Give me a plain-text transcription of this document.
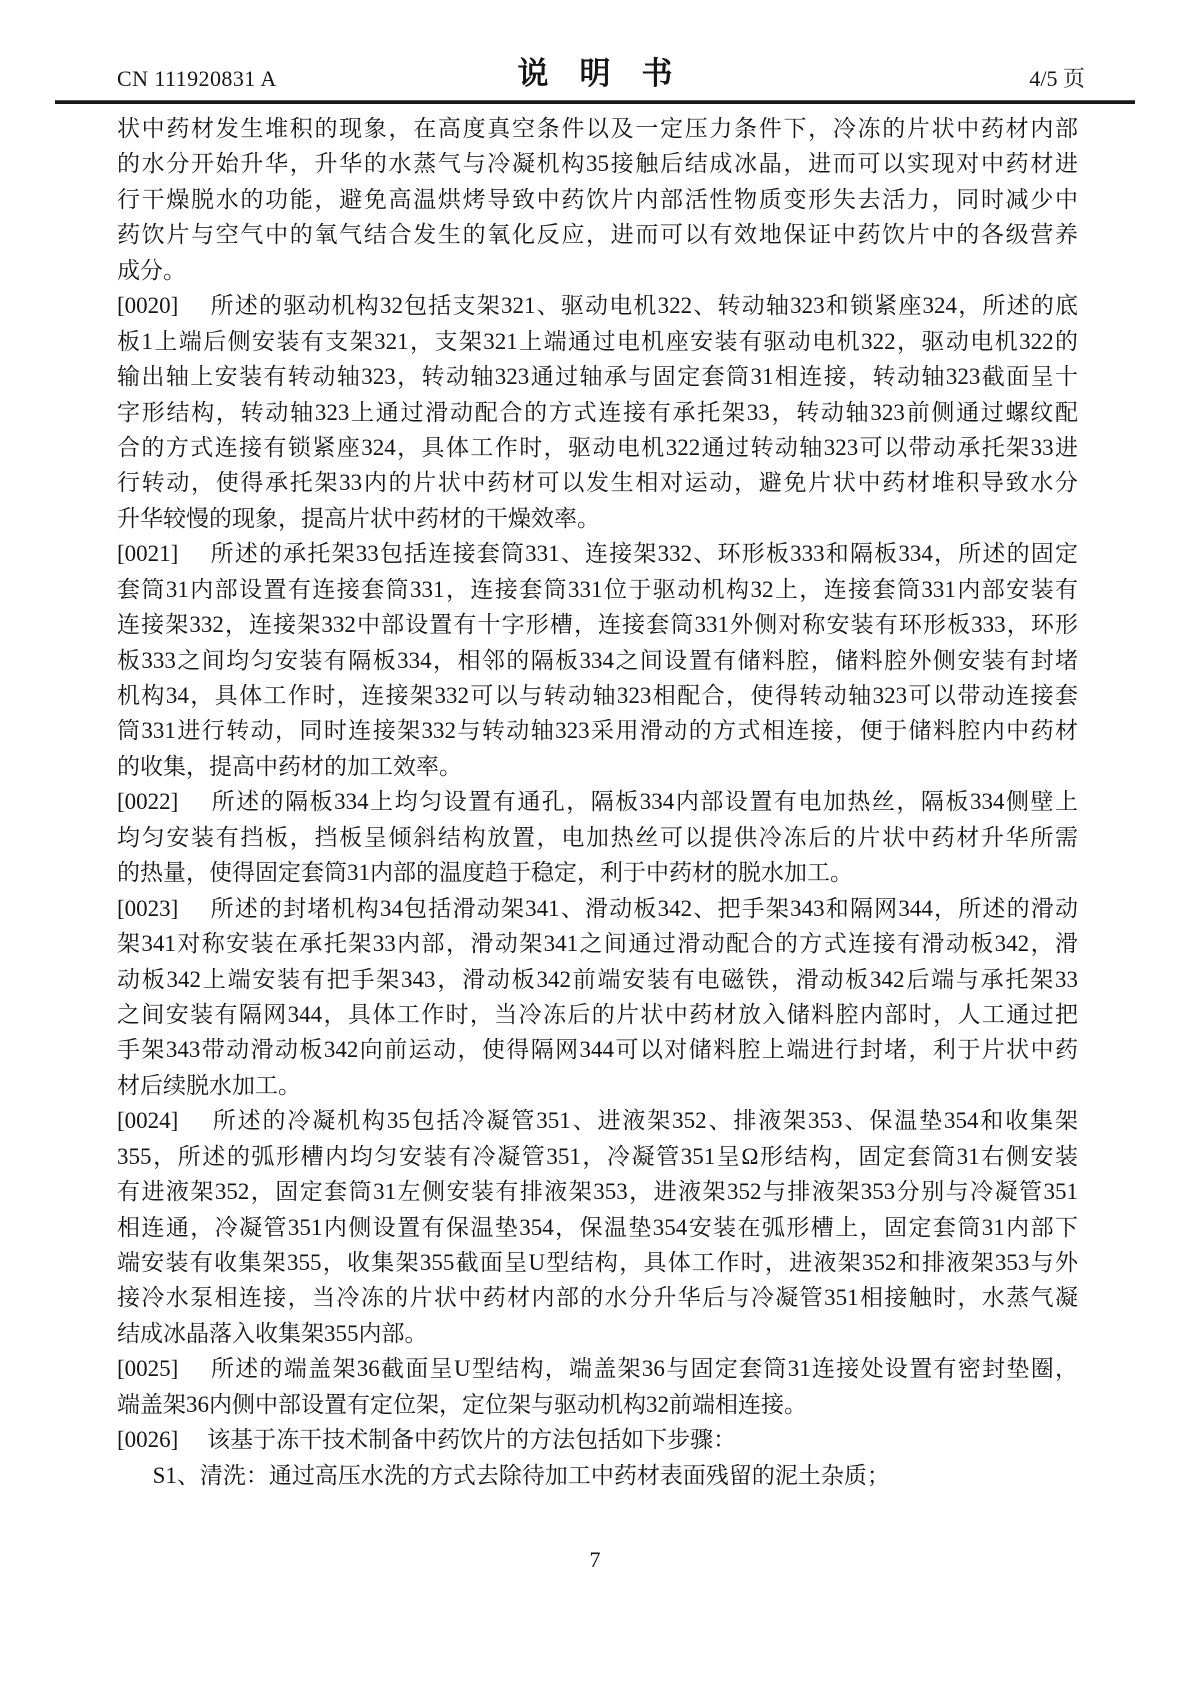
CN 111920831 A	说　明　书	4/5 页
状中药材发生堆积的现象，在高度真空条件以及一定压力条件下，冷冻的片状中药材内部
的水分开始升华，升华的水蒸气与冷凝机构35接触后结成冰晶，进而可以实现对中药材进
行干燥脱水的功能，避免高温烘烤导致中药饮片内部活性物质变形失去活力，同时减少中
药饮片与空气中的氧气结合发生的氧化反应，进而可以有效地保证中药饮片中的各级营养
成分。
[0020]　 所述的驱动机构32包括支架321、驱动电机322、转动轴323和锁紧座324，所述的底
板1上端后侧安装有支架321，支架321上端通过电机座安装有驱动电机322，驱动电机322的
输出轴上安装有转动轴323，转动轴323通过轴承与固定套筒31相连接，转动轴323截面呈十
字形结构，转动轴323上通过滑动配合的方式连接有承托架33，转动轴323前侧通过螺纹配
合的方式连接有锁紧座324，具体工作时，驱动电机322通过转动轴323可以带动承托架33进
行转动，使得承托架33内的片状中药材可以发生相对运动，避免片状中药材堆积导致水分
升华较慢的现象，提高片状中药材的干燥效率。
[0021]　 所述的承托架33包括连接套筒331、连接架332、环形板333和隔板334，所述的固定
套筒31内部设置有连接套筒331，连接套筒331位于驱动机构32上，连接套筒331内部安装有
连接架332，连接架332中部设置有十字形槽，连接套筒331外侧对称安装有环形板333，环形
板333之间均匀安装有隔板334，相邻的隔板334之间设置有储料腔，储料腔外侧安装有封堵
机构34，具体工作时，连接架332可以与转动轴323相配合，使得转动轴323可以带动连接套
筒331进行转动，同时连接架332与转动轴323采用滑动的方式相连接，便于储料腔内中药材
的收集，提高中药材的加工效率。
[0022]　 所述的隔板334上均匀设置有通孔，隔板334内部设置有电加热丝，隔板334侧壁上
均匀安装有挡板，挡板呈倾斜结构放置，电加热丝可以提供冷冻后的片状中药材升华所需
的热量，使得固定套筒31内部的温度趋于稳定，利于中药材的脱水加工。
[0023]　 所述的封堵机构34包括滑动架341、滑动板342、把手架343和隔网344，所述的滑动
架341对称安装在承托架33内部，滑动架341之间通过滑动配合的方式连接有滑动板342，滑
动板342上端安装有把手架343，滑动板342前端安装有电磁铁，滑动板342后端与承托架33
之间安装有隔网344，具体工作时，当冷冻后的片状中药材放入储料腔内部时，人工通过把
手架343带动滑动板342向前运动，使得隔网344可以对储料腔上端进行封堵，利于片状中药
材后续脱水加工。
[0024]　 所述的冷凝机构35包括冷凝管351、进液架352、排液架353、保温垫354和收集架
355，所述的弧形槽内均匀安装有冷凝管351，冷凝管351呈Ω形结构，固定套筒31右侧安装
有进液架352，固定套筒31左侧安装有排液架353，进液架352与排液架353分别与冷凝管351
相连通，冷凝管351内侧设置有保温垫354，保温垫354安装在弧形槽上，固定套筒31内部下
端安装有收集架355，收集架355截面呈U型结构，具体工作时，进液架352和排液架353与外
接冷水泵相连接，当冷冻的片状中药材内部的水分升华后与冷凝管351相接触时，水蒸气凝
结成冰晶落入收集架355内部。
[0025]　 所述的端盖架36截面呈U型结构，端盖架36与固定套筒31连接处设置有密封垫圈，
端盖架36内侧中部设置有定位架，定位架与驱动机构32前端相连接。
[0026]　 该基于冻干技术制备中药饮片的方法包括如下步骤：
S1、清洗：通过高压水洗的方式去除待加工中药材表面残留的泥土杂质；
7
